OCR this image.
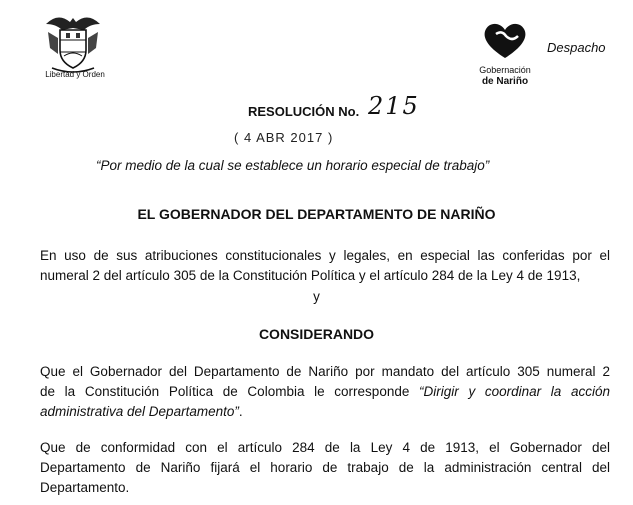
Libertad y Orden	Gobernación
de Nariño
Despacho
RESOLUCIÓN No. 215
( 4 ABR 2017 )
“Por medio de la cual se establece un horario especial de trabajo”
EL GOBERNADOR DEL DEPARTAMENTO DE NARIÑO
En uso de sus atribuciones constitucionales y legales, en especial las conferidas por el
numeral 2 del artículo 305 de la Constitución Política y el artículo 284 de la Ley 4 de 1913,
y
CONSIDERANDO
Que el Gobernador del Departamento de Nariño por mandato del artículo 305 numeral 2
de la Constitución Política de Colombia le corresponde “Dirigir y coordinar la acción
administrativa del Departamento”.
Que de conformidad con el artículo 284 de la Ley 4 de 1913, el Gobernador del
Departamento de Nariño fijará el horario de trabajo de la administración central del
Departamento.
